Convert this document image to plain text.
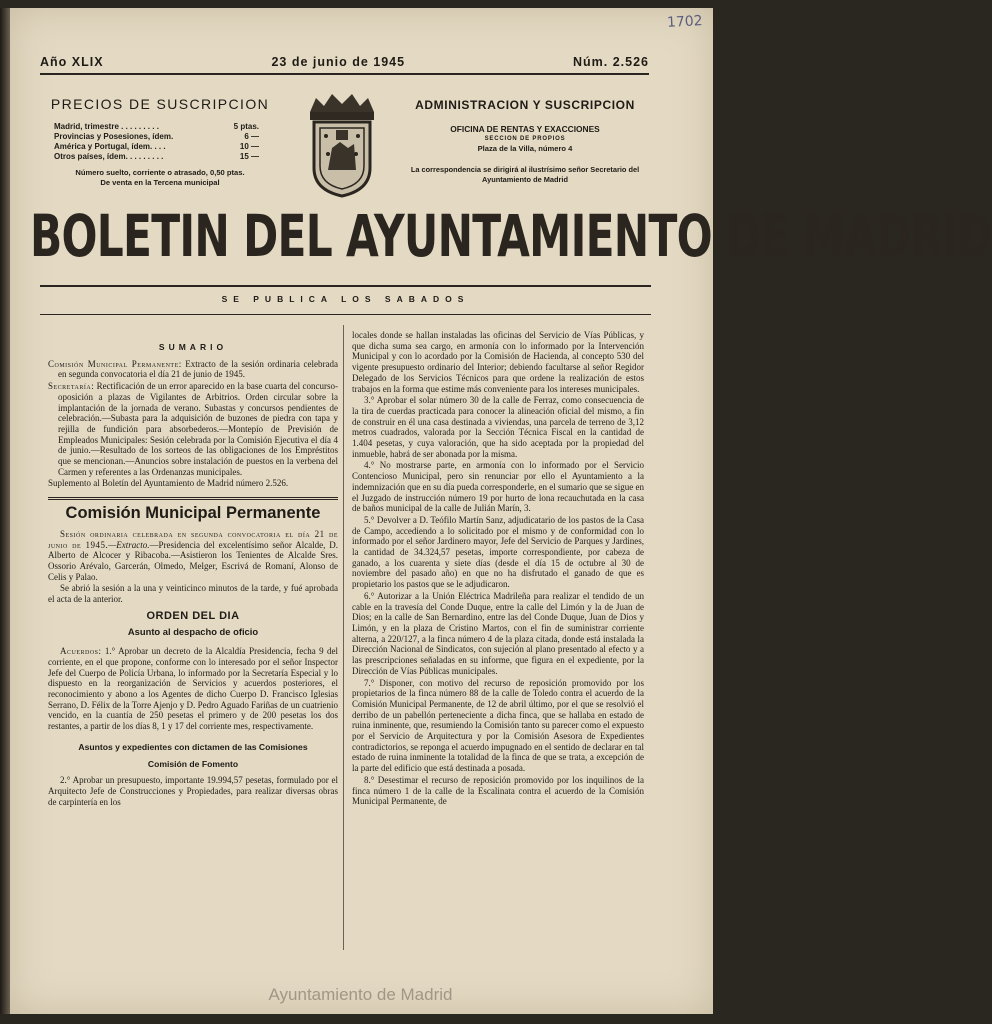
1702
Año XLIX	23 de junio de 1945	Núm. 2.526
PRECIOS DE SUSCRIPCION
Madrid, trimestre . . . . . . . . .	5 ptas.
Provincias y Posesiones, ídem.	6 —
América y Portugal, ídem. . . .	10 —
Otros países, ídem. . . . . . . . .	15 —
Número suelto, corriente o atrasado, 0,50 ptas.
De venta en la Tercena municipal
ADMINISTRACION Y SUSCRIPCION
OFICINA DE RENTAS Y EXACCIONES
SECCION DE PROPIOS
Plaza de la Villa, número 4
La correspondencia se dirigirá al ilustrísimo señor Secretario del Ayuntamiento de Madrid
BOLETIN DEL AYUNTAMIENTO DE MADRID
SE PUBLICA LOS SABADOS
SUMARIO

Comisión Municipal Permanente: Extracto de la sesión ordinaria celebrada en segunda convocatoria el día 21 de junio de 1945.

Secretaría: Rectificación de un error aparecido en la base cuarta del concurso-oposición a plazas de Vigilantes de Arbitrios. Orden circular sobre la implantación de la jornada de verano. Subastas y concursos pendientes de celebración.—Subasta para la adquisición de buzones de piedra con tapa y rejilla de fundición para absorbederos.—Montepío de Previsión de Empleados Municipales: Sesión celebrada por la Comisión Ejecutiva el día 4 de junio.—Resultado de los sorteos de las obligaciones de los Empréstitos que se mencionan.—Anuncios sobre instalación de puestos en la verbena del Carmen y referentes a las Ordenanzas municipales.

Suplemento al Boletín del Ayuntamiento de Madrid número 2.526.

Comisión Municipal Permanente

Sesión ordinaria celebrada en segunda convocatoria el día 21 de junio de 1945.—Extracto.—Presidencia del excelentísimo señor Alcalde, D. Alberto de Alcocer y Ribacoba.—Asistieron los Tenientes de Alcalde Sres. Ossorio Arévalo, Garcerán, Olmedo, Melger, Escrivá de Romaní, Alonso de Celis y Palao.

Se abrió la sesión a la una y veinticinco minutos de la tarde, y fué aprobada el acta de la anterior.

ORDEN DEL DIA
Asunto al despacho de oficio

Acuerdos: 1.° Aprobar un decreto de la Alcaldía Presidencia, fecha 9 del corriente, en el que propone, conforme con lo interesado por el señor Inspector Jefe del Cuerpo de Policía Urbana, lo informado por la Secretaría Especial y lo dispuesto en la reorganización de Servicios y acuerdos posteriores, el reconocimiento y abono a los Agentes de dicho Cuerpo D. Francisco Iglesias Serrano, D. Félix de la Torre Ajenjo y D. Pedro Aguado Fariñas de un cuatrienio vencido, en la cuantía de 250 pesetas el primero y de 200 pesetas los dos restantes, a partir de los días 8, 1 y 17 del corriente mes, respectivamente.

Asuntos y expedientes con dictamen de las Comisiones
Comisión de Fomento

2.° Aprobar un presupuesto, importante 19.994,57 pesetas, formulado por el Arquitecto Jefe de Construcciones y Propiedades, para realizar diversas obras de carpintería en los

locales donde se hallan instaladas las oficinas del Servicio de Vías Públicas, y que dicha suma sea cargo, en armonía con lo informado por la Intervención Municipal y con lo acordado por la Comisión de Hacienda, al concepto 530 del vigente presupuesto ordinario del Interior; debiendo facultarse al señor Regidor Delegado de los Servicios Técnicos para que ordene la realización de estos trabajos en la forma que estime más conveniente para los intereses municipales.

3.° Aprobar el solar número 30 de la calle de Ferraz, como consecuencia de la tira de cuerdas practicada para conocer la alineación oficial del mismo, a fin de construir en él una casa destinada a viviendas, una parcela de terreno de 3,12 metros cuadrados, valorada por la Sección Técnica Fiscal en la cantidad de 1.404 pesetas, y cuya valoración, que ha sido aceptada por la propiedad del inmueble, habrá de ser abonada por la misma.

4.° No mostrarse parte, en armonía con lo informado por el Servicio Contencioso Municipal, pero sin renunciar por ello el Ayuntamiento a la indemnización que en su día pueda corresponderle, en el sumario que se sigue en el Juzgado de instrucción número 19 por hurto de lona recauchutada en la casa de baños municipal de la calle de Julián Marín, 3.

5.° Devolver a D. Teófilo Martín Sanz, adjudicatario de los pastos de la Casa de Campo, accediendo a lo solicitado por el mismo y de conformidad con lo informado por el señor Jardinero mayor, Jefe del Servicio de Parques y Jardines, la cantidad de 34.324,57 pesetas, importe correspondiente, por cabeza de ganado, a los cuarenta y siete días (desde el día 15 de octubre al 30 de noviembre del pasado año) en que no ha disfrutado el ganado de que es propietario los pastos que se le adjudicaron.

6.° Autorizar a la Unión Eléctrica Madrileña para realizar el tendido de un cable en la travesía del Conde Duque, entre la calle del Limón y la de Juan de Dios; en la calle de San Bernardino, entre las del Conde Duque, Juan de Dios y Limón, y en la plaza de Cristino Martos, con el fin de suministrar corriente alterna, a 220/127, a la finca número 4 de la plaza citada, donde está instalada la Dirección Nacional de Sindicatos, con sujeción al plano presentado al efecto y a las prescripciones señaladas en su informe, que figura en el expediente, por la Dirección de Vías Públicas municipales.

7.° Disponer, con motivo del recurso de reposición promovido por los propietarios de la finca número 88 de la calle de Toledo contra el acuerdo de la Comisión Municipal Permanente, de 12 de abril último, por el que se resolvió el derribo de un pabellón perteneciente a dicha finca, que se hallaba en estado de ruina inminente, que, resumiendo la Comisión tanto su parecer como el expuesto por el Servicio de Arquitectura y por la Comisión Asesora de Expedientes contradictorios, se reponga el acuerdo impugnado en el sentido de declarar en tal estado de ruina inminente la totalidad de la finca de que se trata, a excepción de la parte del edificio que está destinada a posada.

8.° Desestimar el recurso de reposición promovido por los inquilinos de la finca número 1 de la calle de la Escalinata contra el acuerdo de la Comisión Municipal Permanente, de

Ayuntamiento de Madrid
